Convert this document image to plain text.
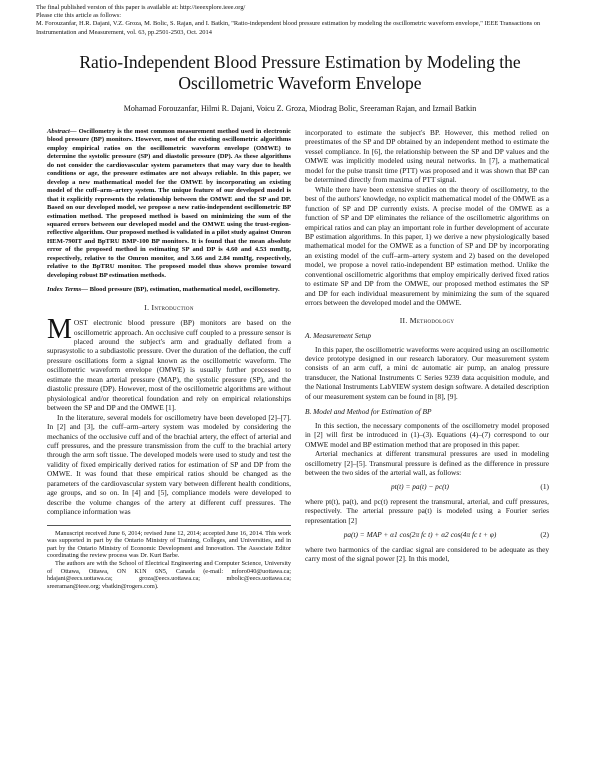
The final published version of this paper is available at: http://ieeexplore.ieee.org/
Please cite this article as follows:
M. Forouzanfar, H.R. Dajani, V.Z. Groza, M. Bolic, S. Rajan, and I. Batkin, "Ratio-independent blood pressure estimation by modeling the oscillometric waveform envelope," IEEE Transactions on Instrumentation and Measurement, vol. 63, pp.2501-2503, Oct. 2014
Ratio-Independent Blood Pressure Estimation by Modeling the Oscillometric Waveform Envelope
Mohamad Forouzanfar, Hilmi R. Dajani, Voicu Z. Groza, Miodrag Bolic, Sreeraman Rajan, and Izmail Batkin
Abstract— Oscillometry is the most common measurement method used in electronic blood pressure (BP) monitors. However, most of the existing oscillometric algorithms employ empirical ratios on the oscillometric waveform envelope (OMWE) to determine the systolic pressure (SP) and diastolic pressure (DP). As these algorithms do not consider the cardiovascular system parameters that may vary due to health conditions or age, the pressure estimates are not always reliable. In this paper, we develop a new mathematical model for the OMWE by incorporating an existing model of the cuff–arm–artery system. The unique feature of our developed model is that it explicitly represents the relationship between the OMWE and the SP and DP. Based on our developed model, we propose a new ratio-independent oscillometric BP estimation method. The proposed method is based on minimizing the sum of the squared errors between our developed model and the OMWE using the trust-region-reflective algorithm. Our proposed method is validated in a pilot study against Omron HEM-790IT and BpTRU BMP-100 BP monitors. It is found that the mean absolute error of the proposed method in estimating SP and DP is 4.60 and 4.53 mmHg, respectively, relative to the Omron monitor, and 3.66 and 2.84 mmHg, respectively, relative to the BpTRU monitor. The proposed model thus shows promise toward developing robust BP estimation methods.
Index Terms— Blood pressure (BP), estimation, mathematical model, oscillometry.
I. Introduction

MOST electronic blood pressure (BP) monitors are based on the oscillometric approach. An occlusive cuff coupled to a pressure sensor is placed around the subject's arm and gradually deflated from a suprasystolic to a subdiastolic pressure. Over the duration of the deflation, the cuff pressure oscillations form a signal known as the oscillometric waveform. The oscillometric waveform envelope (OMWE) is usually further processed to estimate the mean arterial pressure (MAP), the systolic pressure (SP), and the diastolic pressure (DP). However, most of the oscillometric algorithms are without physiological and/or theoretical foundation and rely on empirical relationships between the SP and DP and the OMWE [1].

In the literature, several models for oscillometry have been developed [2]–[7]. In [2] and [3], the cuff–arm–artery system was modeled by considering the mechanics of the occlusive cuff and of the brachial artery, the effect of arterial and cuff pressures, and the pressure transmission from the cuff to the brachial artery through the arm soft tissue. The developed models were used to study and test the validity of fixed empirically derived ratios for estimation of SP and DP from the OMWE. It was found that these empirical ratios should be changed as the parameters of the cardiovascular system vary between different health conditions, age groups, and so on. In [4] and [5], compliance models were developed to describe the volume changes of the artery at different cuff pressures. The compliance information was

Manuscript received June 6, 2014; revised June 12, 2014; accepted June 16, 2014. This work was supported in part by the Ontario Ministry of Training, Colleges, and Universities, and in part by the Ontario Ministry of Economic Development and Innovation. The Associate Editor coordinating the review process was Dr. Kurt Barbe.

The authors are with the School of Electrical Engineering and Computer Science, University of Ottawa, Ottawa, ON K1N 6N5, Canada (e-mail: mforo040@uottawa.ca; hdajani@eecs.uottawa.ca; groza@eecs.uottawa.ca; mbolic@eecs.uottawa.ca; sreeraman@ieee.org; vbatkin@rogers.com).

incorporated to estimate the subject's BP. However, this method relied on preestimates of the SP and DP obtained by an independent method to estimate the vessel compliance. In [6], the relationship between the SP and DP values and the OMWE was implicitly modeled using neural networks. In [7], a mathematical model for the pulse transit time (PTT) was proposed and it was shown that BP can be determined directly from maxima of PTT signal.

While there have been extensive studies on the theory of oscillometry, to the best of the authors' knowledge, no explicit mathematical model of the OMWE as a function of SP and DP currently exists. A precise model of the OMWE as a function of SP and DP eliminates the reliance of the oscillometric algorithms on empirical ratios and can play an important role in further development of accurate BP estimation algorithms. In this paper, 1) we derive a new physiologically based mathematical model for the OMWE as a function of SP and DP by incorporating an existing model of the cuff–arm–artery system and 2) based on the developed model, we propose a novel ratio-independent BP estimation method. Unlike the conventional oscillometric algorithms that employ empirically derived fixed ratios to estimate SP and DP from the OMWE, our proposed method estimates the SP and DP for each individual measurement by minimizing the sum of the squared errors between the developed model and the OMWE.

II. Methodology
A. Measurement Setup

In this paper, the oscillometric waveforms were acquired using an oscillometric device prototype designed in our research laboratory. Our measurement system consists of an arm cuff, a mini dc automatic air pump, an analog pressure transducer, the National Instruments C Series 9239 data acquisition module, and the National Instruments LabVIEW system design software. A detailed description of our measurement system can be found in [8], [9].

B. Model and Method for Estimation of BP

In this section, the necessary components of the oscillometry model proposed in [2] will first be introduced in (1)–(3). Equations (4)–(7) correspond to our OMWE model and BP estimation method that are proposed in this paper.

Arterial mechanics at different transmural pressures are used in modeling oscillometry [2]–[5]. Transmural pressure is defined as the difference in pressure between the two sides of the arterial wall, as follows:

pt(t) = pa(t) − pc(t)	(1)

where pt(t), pa(t), and pc(t) represent the transmural, arterial, and cuff pressures, respectively. The arterial pressure pa(t) is modeled using a Fourier series representation [2]

pa(t) = MAP + α1 cos(2π fc t) + α2 cos(4π fc t + φ)	(2)

where two harmonics of the cardiac signal are considered to be adequate as they carry most of the signal power [2]. In this model,
